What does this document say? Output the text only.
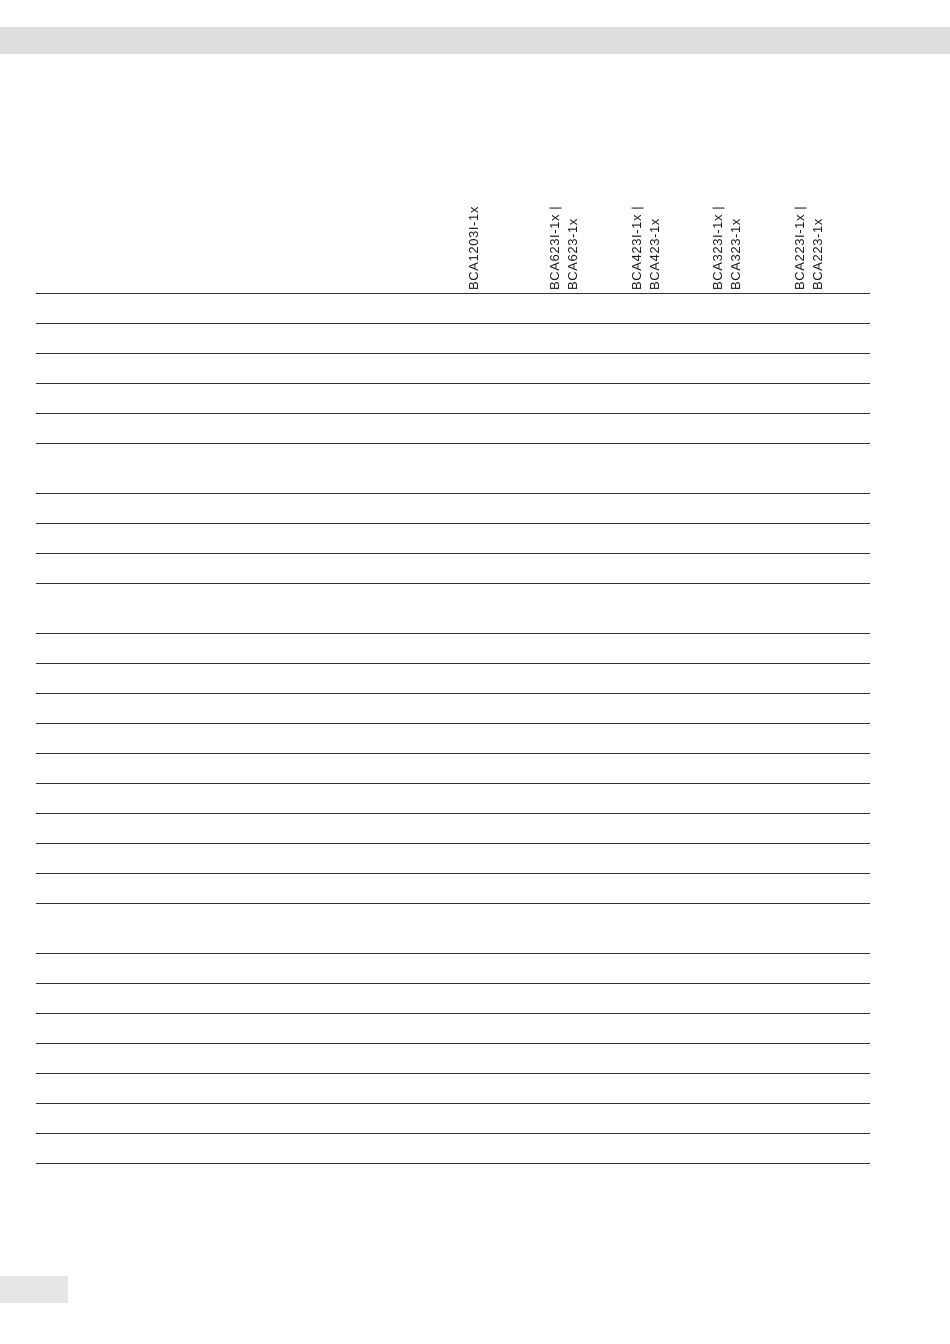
BCA1203I-1x	BCA623I-1x | BCA623-1x	BCA423I-1x | BCA423-1x	BCA323I-1x | BCA323-1x	BCA223I-1x | BCA223-1x
